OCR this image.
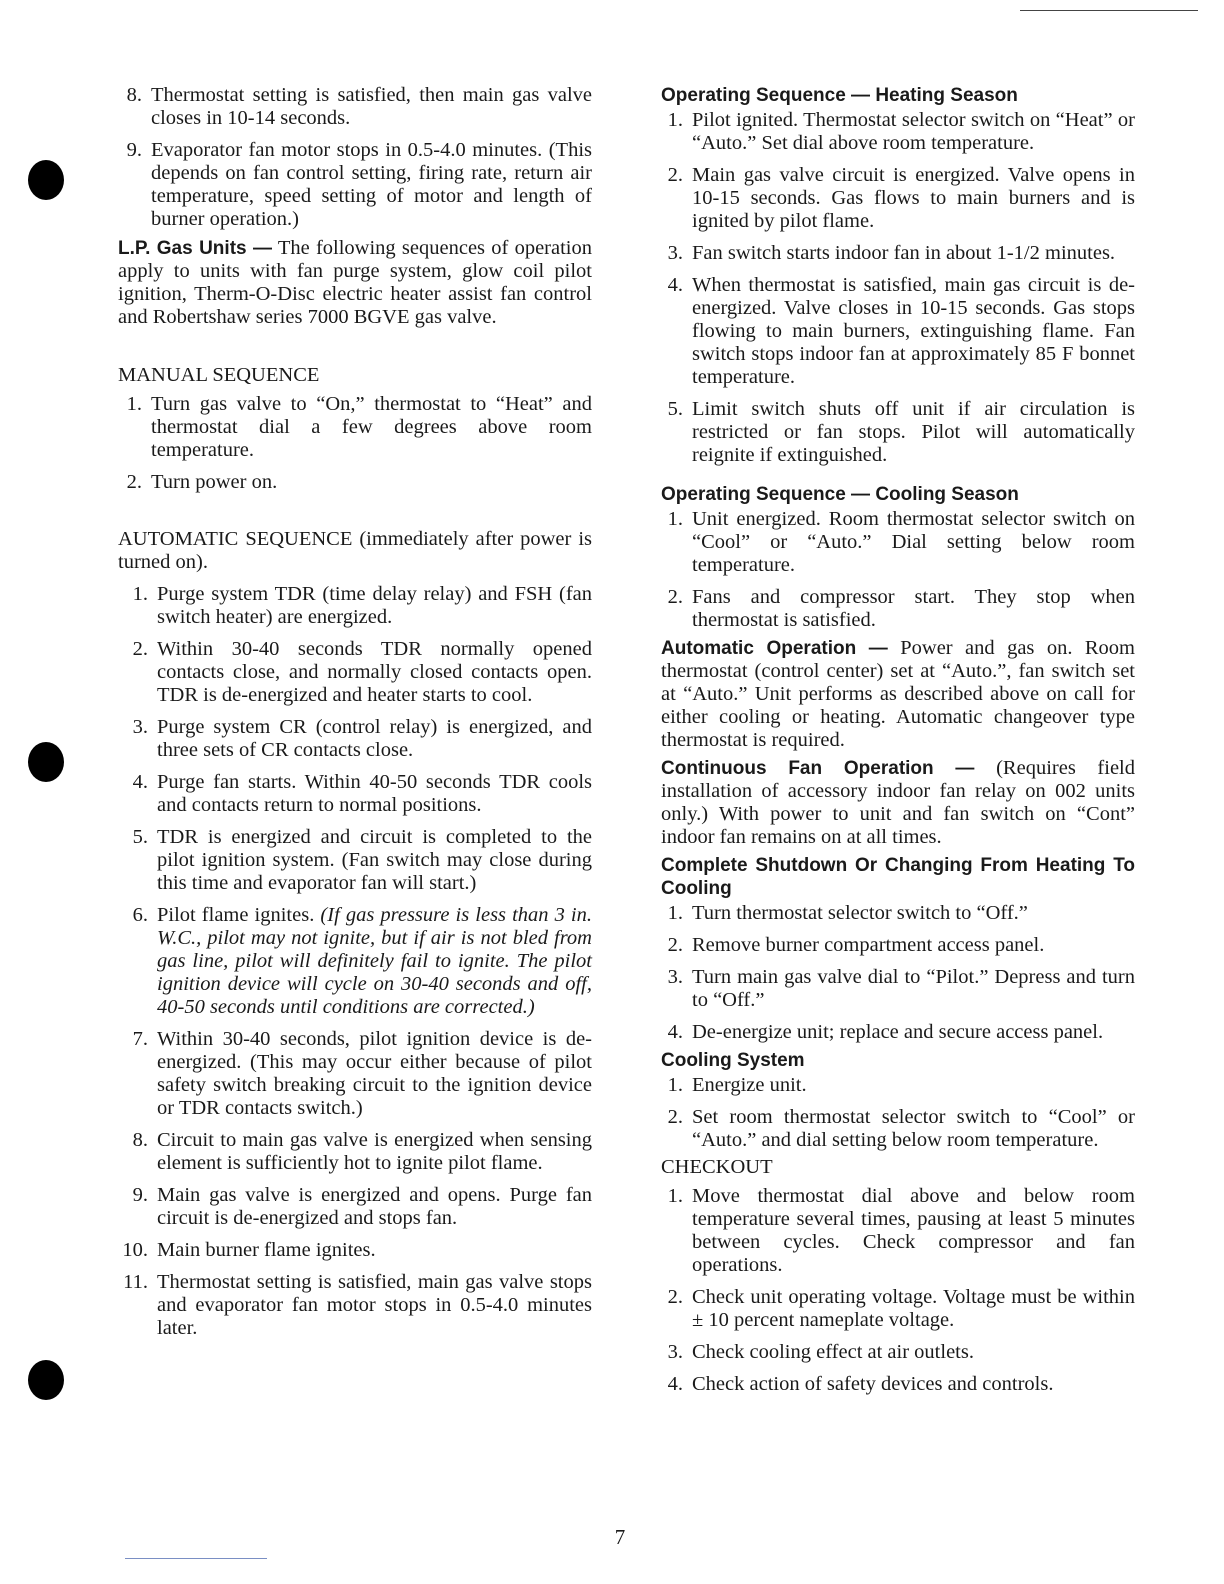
8. Thermostat setting is satisfied, then main gas valve closes in 10-14 seconds.
9. Evaporator fan motor stops in 0.5-4.0 minutes. (This depends on fan control setting, firing rate, return air temperature, speed setting of motor and length of burner operation.)

L.P. Gas Units — The following sequences of operation apply to units with fan purge system, glow coil pilot ignition, Therm-O-Disc electric heater assist fan control and Robertshaw series 7000 BGVE gas valve.

MANUAL SEQUENCE

1. Turn gas valve to “On,” thermostat to “Heat” and thermostat dial a few degrees above room temperature.
2. Turn power on.

AUTOMATIC SEQUENCE (immediately after power is turned on).

1. Purge system TDR (time delay relay) and FSH (fan switch heater) are energized.
2. Within 30-40 seconds TDR normally opened contacts close, and normally closed contacts open. TDR is de-energized and heater starts to cool.
3. Purge system CR (control relay) is energized, and three sets of CR contacts close.
4. Purge fan starts. Within 40-50 seconds TDR cools and contacts return to normal positions.
5. TDR is energized and circuit is completed to the pilot ignition system. (Fan switch may close during this time and evaporator fan will start.)
6. Pilot flame ignites. (If gas pressure is less than 3 in. W.C., pilot may not ignite, but if air is not bled from gas line, pilot will definitely fail to ignite. The pilot ignition device will cycle on 30-40 seconds and off, 40-50 seconds until conditions are corrected.)
7. Within 30-40 seconds, pilot ignition device is de-energized. (This may occur either because of pilot safety switch breaking circuit to the ignition device or TDR contacts switch.)
8. Circuit to main gas valve is energized when sensing element is sufficiently hot to ignite pilot flame.
9. Main gas valve is energized and opens. Purge fan circuit is de-energized and stops fan.
10. Main burner flame ignites.
11. Thermostat setting is satisfied, main gas valve stops and evaporator fan motor stops in 0.5-4.0 minutes later.

Operating Sequence — Heating Season

1. Pilot ignited. Thermostat selector switch on “Heat” or “Auto.” Set dial above room temperature.
2. Main gas valve circuit is energized. Valve opens in 10-15 seconds. Gas flows to main burners and is ignited by pilot flame.
3. Fan switch starts indoor fan in about 1-1/2 minutes.
4. When thermostat is satisfied, main gas circuit is de-energized. Valve closes in 10-15 seconds. Gas stops flowing to main burners, extinguishing flame. Fan switch stops indoor fan at approximately 85 F bonnet temperature.
5. Limit switch shuts off unit if air circulation is restricted or fan stops. Pilot will automatically reignite if extinguished.

Operating Sequence — Cooling Season

1. Unit energized. Room thermostat selector switch on “Cool” or “Auto.” Dial setting below room temperature.
2. Fans and compressor start. They stop when thermostat is satisfied.

Automatic Operation — Power and gas on. Room thermostat (control center) set at “Auto.”, fan switch set at “Auto.” Unit performs as described above on call for either cooling or heating. Automatic changeover type thermostat is required.

Continuous Fan Operation — (Requires field installation of accessory indoor fan relay on 002 units only.) With power to unit and fan switch on “Cont” indoor fan remains on at all times.

Complete Shutdown Or Changing From Heating To Cooling

1. Turn thermostat selector switch to “Off.”
2. Remove burner compartment access panel.
3. Turn main gas valve dial to “Pilot.” Depress and turn to “Off.”
4. De-energize unit; replace and secure access panel.

Cooling System

1. Energize unit.
2. Set room thermostat selector switch to “Cool” or “Auto.” and dial setting below room temperature.

CHECKOUT

1. Move thermostat dial above and below room temperature several times, pausing at least 5 minutes between cycles. Check compressor and fan operations.
2. Check unit operating voltage. Voltage must be within ± 10 percent nameplate voltage.
3. Check cooling effect at air outlets.
4. Check action of safety devices and controls.
7
